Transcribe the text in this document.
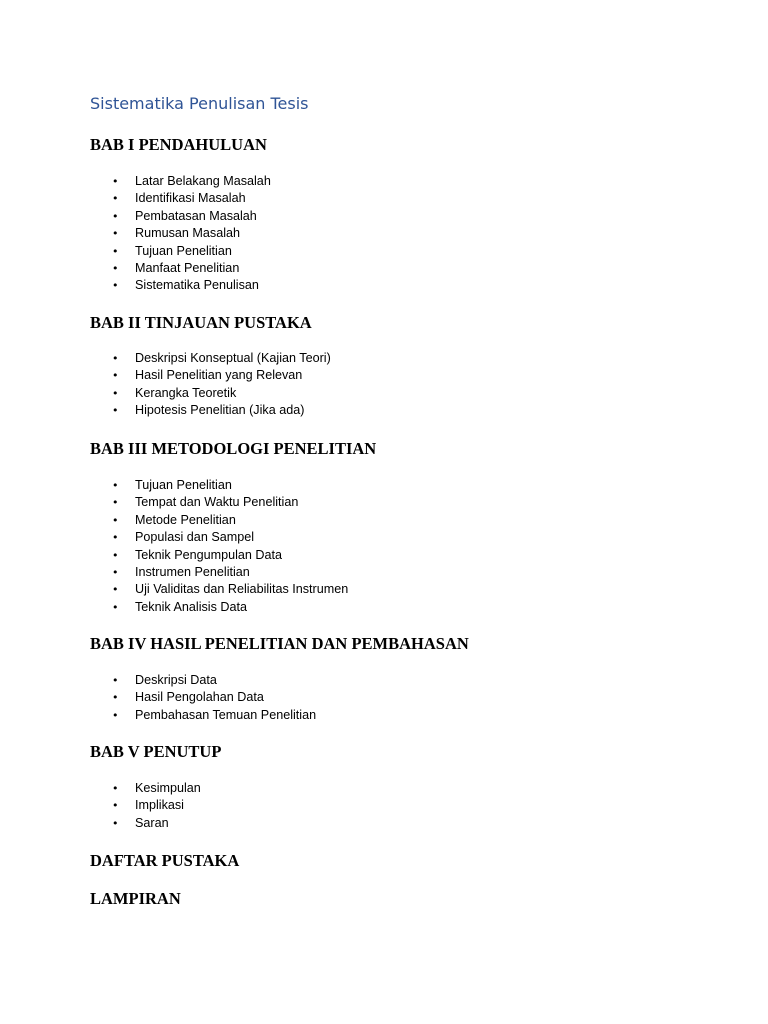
Sistematika Penulisan Tesis
BAB I PENDAHULUAN
• Latar Belakang Masalah
• Identifikasi Masalah
• Pembatasan Masalah
• Rumusan Masalah
• Tujuan Penelitian
• Manfaat Penelitian
• Sistematika Penulisan
BAB II TINJAUAN PUSTAKA
• Deskripsi Konseptual (Kajian Teori)
• Hasil Penelitian yang Relevan
• Kerangka Teoretik
• Hipotesis Penelitian (Jika ada)
BAB III METODOLOGI PENELITIAN
• Tujuan Penelitian
• Tempat dan Waktu Penelitian
• Metode Penelitian
• Populasi dan Sampel
• Teknik Pengumpulan Data
• Instrumen Penelitian
• Uji Validitas dan Reliabilitas Instrumen
• Teknik Analisis Data
BAB IV HASIL PENELITIAN DAN PEMBAHASAN
• Deskripsi Data
• Hasil Pengolahan Data
• Pembahasan Temuan Penelitian
BAB V PENUTUP
• Kesimpulan
• Implikasi
• Saran
DAFTAR PUSTAKA
LAMPIRAN
